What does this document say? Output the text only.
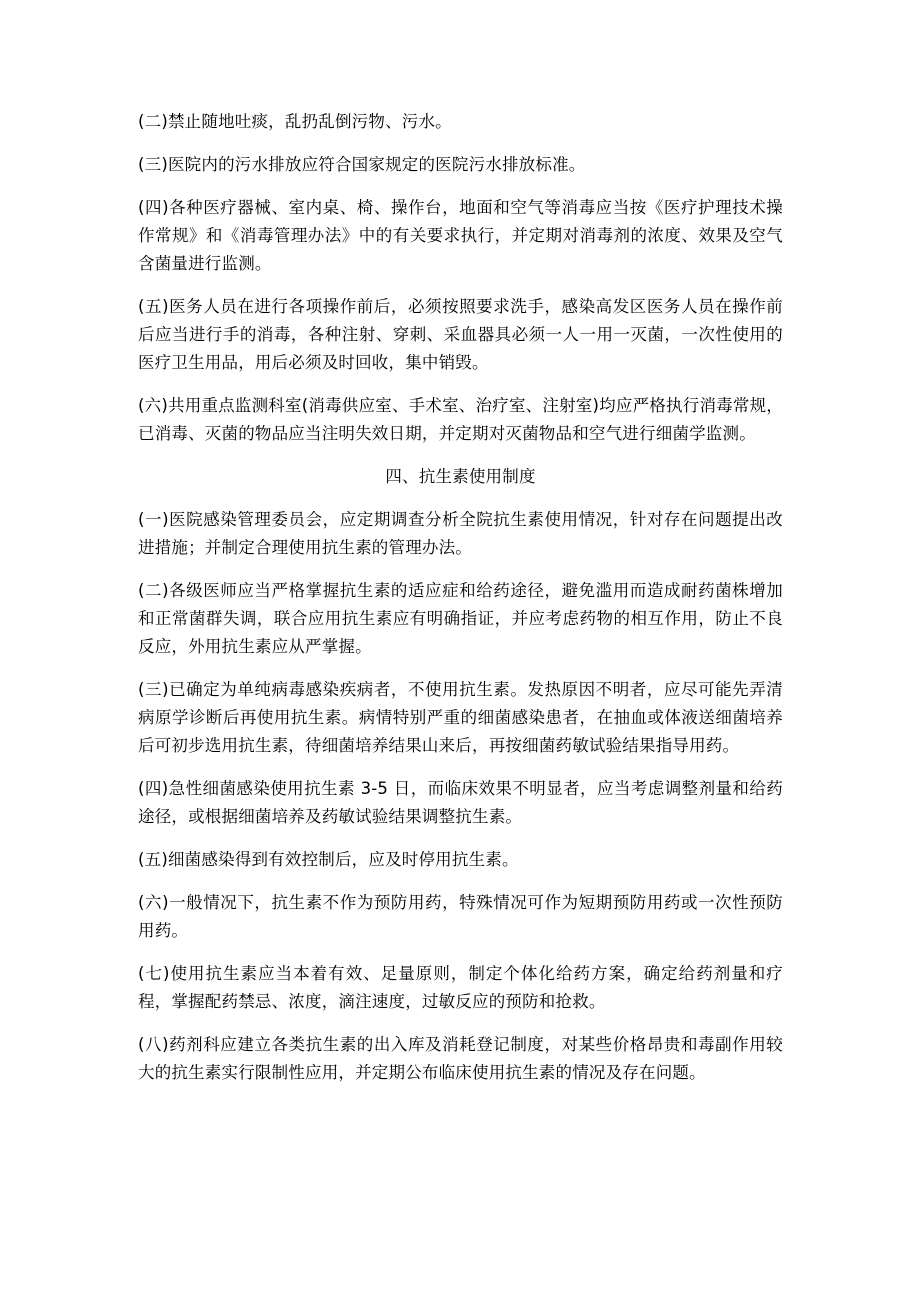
(二)禁止随地吐痰，乱扔乱倒污物、污水。

(三)医院内的污水排放应符合国家规定的医院污水排放标准。

(四)各种医疗器械、室内桌、椅、操作台，地面和空气等消毒应当按《医疗护理技术操作常规》和《消毒管理办法》中的有关要求执行，并定期对消毒剂的浓度、效果及空气含菌量进行监测。

(五)医务人员在进行各项操作前后，必须按照要求洗手，感染高发区医务人员在操作前后应当进行手的消毒，各种注射、穿刺、采血器具必须一人一用一灭菌，一次性使用的医疗卫生用品，用后必须及时回收，集中销毁。

(六)共用重点监测科室(消毒供应室、手术室、治疗室、注射室)均应严格执行消毒常规，已消毒、灭菌的物品应当注明失效日期，并定期对灭菌物品和空气进行细菌学监测。

四、抗生素使用制度

(一)医院感染管理委员会，应定期调查分析全院抗生素使用情况，针对存在问题提出改进措施；并制定合理使用抗生素的管理办法。

(二)各级医师应当严格掌握抗生素的适应症和给药途径，避免滥用而造成耐药菌株增加和正常菌群失调，联合应用抗生素应有明确指证，并应考虑药物的相互作用，防止不良反应，外用抗生素应从严掌握。

(三)已确定为单纯病毒感染疾病者，不使用抗生素。发热原因不明者，应尽可能先弄清病原学诊断后再使用抗生素。病情特别严重的细菌感染患者，在抽血或体液送细菌培养后可初步选用抗生素，待细菌培养结果山来后，再按细菌药敏试验结果指导用药。

(四)急性细菌感染使用抗生素 3-5 日，而临床效果不明显者，应当考虑调整剂量和给药途径，或根据细菌培养及药敏试验结果调整抗生素。

(五)细菌感染得到有效控制后，应及时停用抗生素。

(六)一般情况下，抗生素不作为预防用药，特殊情况可作为短期预防用药或一次性预防用药。

(七)使用抗生素应当本着有效、足量原则，制定个体化给药方案，确定给药剂量和疗程，掌握配药禁忌、浓度，滴注速度，过敏反应的预防和抢救。

(八)药剂科应建立各类抗生素的出入库及消耗登记制度，对某些价格昂贵和毒副作用较大的抗生素实行限制性应用，并定期公布临床使用抗生素的情况及存在问题。
